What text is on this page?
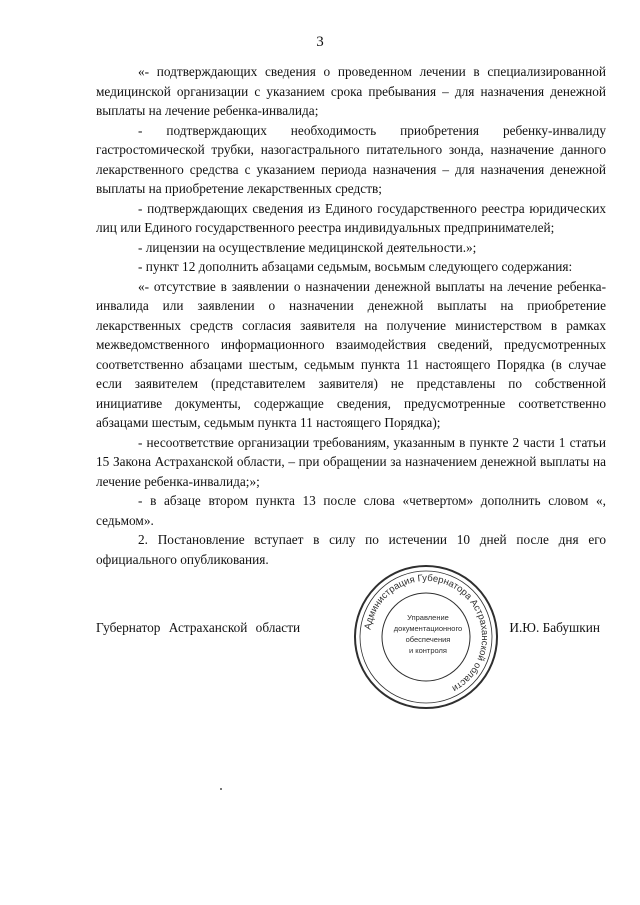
3

«- подтверждающих сведения о проведенном лечении в специализированной медицинской организации с указанием срока пребывания – для назначения денежной выплаты на лечение ребенка-инвалида;

- подтверждающих необходимость приобретения ребенку-инвалиду гастростомической трубки, назогастрального питательного зонда, назначение данного лекарственного средства с указанием периода назначения – для назначения денежной выплаты на приобретение лекарственных средств;

- подтверждающих сведения из Единого государственного реестра юридических лиц или Единого государственного реестра индивидуальных предпринимателей;

- лицензии на осуществление медицинской деятельности.»;

- пункт 12 дополнить абзацами седьмым, восьмым следующего содержания:

«- отсутствие в заявлении о назначении денежной выплаты на лечение ребенка-инвалида или заявлении о назначении денежной выплаты на приобретение лекарственных средств согласия заявителя на получение министерством в рамках межведомственного информационного взаимодействия сведений, предусмотренных соответственно абзацами шестым, седьмым пункта 11 настоящего Порядка (в случае если заявителем (представителем заявителя) не представлены по собственной инициативе документы, содержащие сведения, предусмотренные соответственно абзацами шестым, седьмым пункта 11 настоящего Порядка);

- несоответствие организации требованиям, указанным в пункте 2 части 1 статьи 15 Закона Астраханской области, – при обращении за назначением денежной выплаты на лечение ребенка-инвалида;»;

- в абзаце втором пункта 13 после слова «четвертом» дополнить словом «, седьмом».

2. Постановление вступает в силу по истечении 10 дней после дня его официального опубликования.

Губернатор Астраханской области	И.Ю. Бабушкин
Администрация Губернатора Астраханской области
Управление
документационного
обеспечения
и контроля
